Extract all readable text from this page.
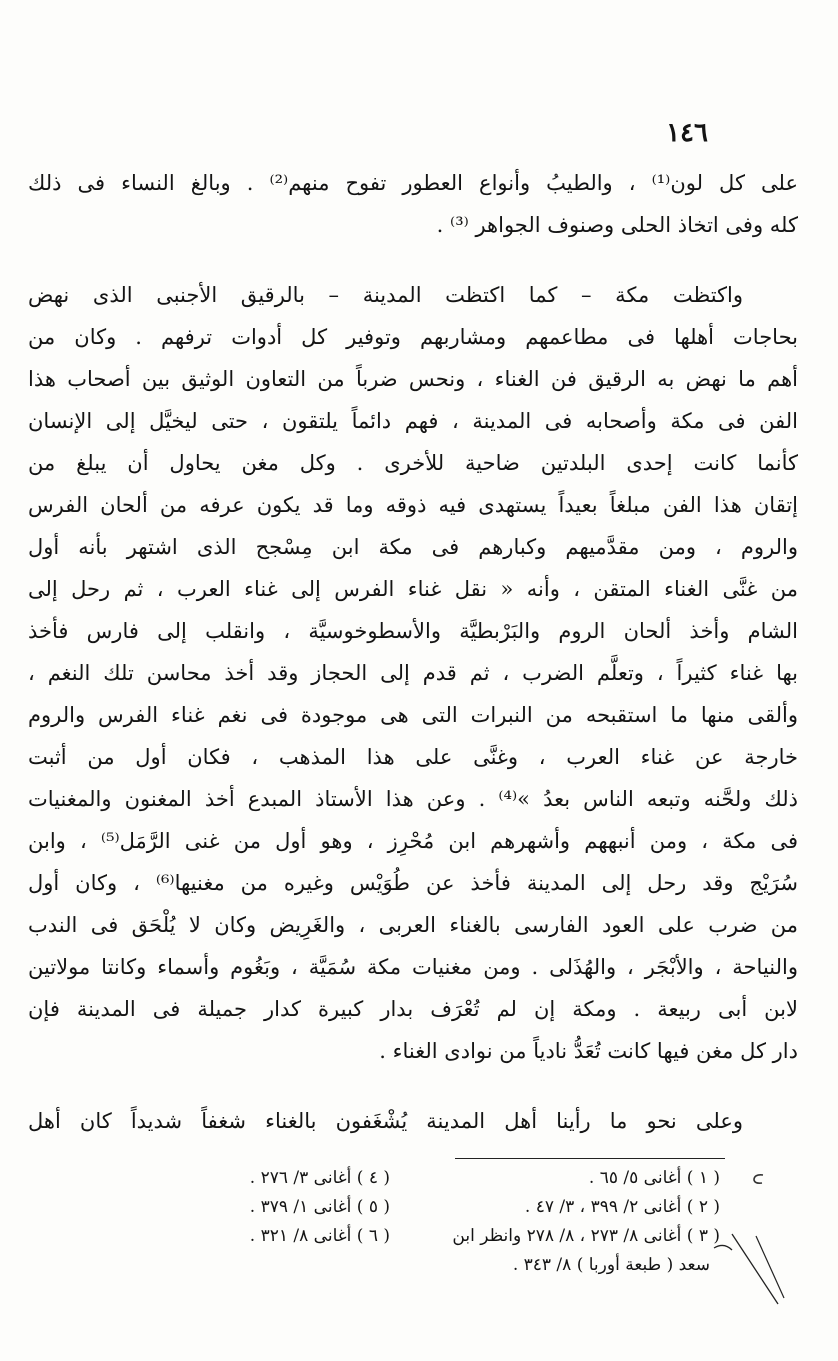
١٤٦
على كل لون⁽¹⁾ ، والطيبُ وأنواع العطور تفوح منهم⁽²⁾ . وبالغ النساء فى ذلك
كله وفى اتخاذ الحلى وصنوف الجواهر ⁽³⁾ .
واكتظت مكة – كما اكتظت المدينة – بالرقيق الأجنبى الذى نهض
بحاجات أهلها فى مطاعمهم ومشاربهم وتوفير كل أدوات ترفهم . وكان من
أهم ما نهض به الرقيق فن الغناء ، ونحس ضرباً من التعاون الوثيق بين أصحاب هذا
الفن فى مكة وأصحابه فى المدينة ، فهم دائماً يلتقون ، حتى ليخيَّل إلى الإنسان
كأنما كانت إحدى البلدتين ضاحية للأخرى . وكل مغن يحاول أن يبلغ من
إتقان هذا الفن مبلغاً بعيداً يستهدى فيه ذوقه وما قد يكون عرفه من ألحان الفرس
والروم ، ومن مقدَّميهم وكبارهم فى مكة ابن مِسْجح الذى اشتهر بأنه أول
من غنَّى الغناء المتقن ، وأنه « نقل غناء الفرس إلى غناء العرب ، ثم رحل إلى
الشام وأخذ ألحان الروم والبَرْبطيَّة والأسطوخوسيَّة ، وانقلب إلى فارس فأخذ
بها غناء كثيراً ، وتعلَّم الضرب ، ثم قدم إلى الحجاز وقد أخذ محاسن تلك النغم ،
وألقى منها ما استقبحه من النبرات التى هى موجودة فى نغم غناء الفرس والروم
خارجة عن غناء العرب ، وغنَّى على هذا المذهب ، فكان أول من أثبت
ذلك ولحَّنه وتبعه الناس بعدُ »⁽⁴⁾ . وعن هذا الأستاذ المبدع أخذ المغنون والمغنيات
فى مكة ، ومن أنبههم وأشهرهم ابن مُحْرِز ، وهو أول من غنى الرَّمَل⁽⁵⁾ ، وابن
سُرَيْج وقد رحل إلى المدينة فأخذ عن طُوَيْس وغيره من مغنيها⁽⁶⁾ ، وكان أول
من ضرب على العود الفارسى بالغناء العربى ، والغَرِيض وكان لا يُلْحَق فى الندب
والنياحة ، والأبْجَر ، والهُذَلى . ومن مغنيات مكة سُمَيَّة ، وبَغُوم وأسماء وكانتا مولاتين
لابن أبى ربيعة . ومكة إن لم تُعْرَف بدار كبيرة كدار جميلة فى المدينة فإن
دار كل مغن فيها كانت تُعَدُّ نادياً من نوادى الغناء .
وعلى نحو ما رأينا أهل المدينة يُشْغَفون بالغناء شغفاً شديداً كان أهل
( ١ ) أغانى ٥/ ٦٥ .
( ٤ ) أغانى ٣/ ٢٧٦ .
( ٢ ) أغانى ٢/ ٣٩٩ ، ٣/ ٤٧ .
( ٥ ) أغانى ١/ ٣٧٩ .
( ٣ ) أغانى ٨/ ٢٧٣ ، ٨/ ٢٧٨ وانظر ابن
( ٦ ) أغانى ٨/ ٣٢١ .
سعد ( طبعة أوربا ) ٨/ ٣٤٣ .
